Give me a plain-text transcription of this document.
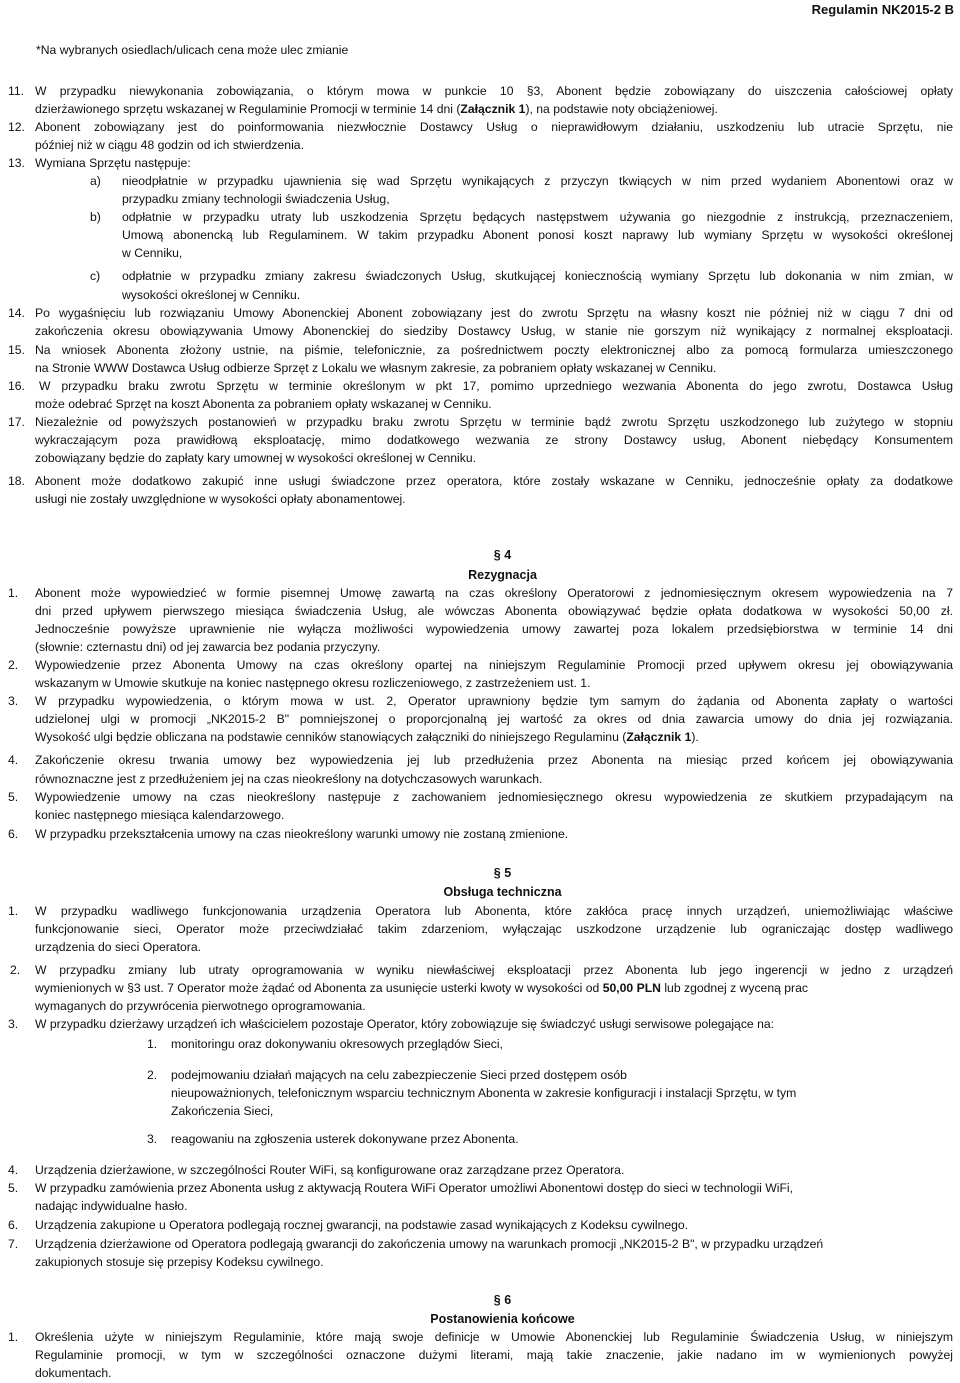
Regulamin NK2015-2 B
*Na wybranych osiedlach/ulicach cena może ulec zmianie
11. W przypadku niewykonania zobowiązania, o którym mowa w punkcie 10 §3, Abonent będzie zobowiązany do uiszczenia całościowej opłaty
dzierżawionego sprzętu wskazanej w Regulaminie Promocji w terminie 14 dni (Załącznik 1), na podstawie noty obciążeniowej.
12. Abonent zobowiązany jest do poinformowania niezwłocznie Dostawcy Usług o nieprawidłowym działaniu, uszkodzeniu lub utracie Sprzętu, nie
później niż w ciągu 48 godzin od ich stwierdzenia.
13. Wymiana Sprzętu następuje:
a) nieodpłatnie w przypadku ujawnienia się wad Sprzętu wynikających z przyczyn tkwiących w nim przed wydaniem Abonentowi oraz w
przypadku zmiany technologii świadczenia Usług,
b) odpłatnie w przypadku utraty lub uszkodzenia Sprzętu będących następstwem używania go niezgodnie z instrukcją, przeznaczeniem,
Umową abonencką lub Regulaminem. W takim przypadku Abonent ponosi koszt naprawy lub wymiany Sprzętu w wysokości określonej
w Cenniku,
c) odpłatnie w przypadku zmiany zakresu świadczonych Usług, skutkującej koniecznością wymiany Sprzętu lub dokonania w nim zmian, w
wysokości określonej w Cenniku.
14. Po wygaśnięciu lub rozwiązaniu Umowy Abonenckiej Abonent zobowiązany jest do zwrotu Sprzętu na własny koszt nie później niż w ciągu 7 dni od
zakończenia okresu obowiązywania Umowy Abonenckiej do siedziby Dostawcy Usług, w stanie nie gorszym niż wynikający z normalnej eksploatacji.
15. Na wniosek Abonenta złożony ustnie, na piśmie, telefonicznie, za pośrednictwem poczty elektronicznej albo za pomocą formularza umieszczonego
na Stronie WWW Dostawca Usług odbierze Sprzęt z Lokalu we własnym zakresie, za pobraniem opłaty wskazanej w Cenniku.
16. W przypadku braku zwrotu Sprzętu w terminie określonym w pkt 17, pomimo uprzedniego wezwania Abonenta do jego zwrotu, Dostawca Usług
może odebrać Sprzęt na koszt Abonenta za pobraniem opłaty wskazanej w Cenniku.
17. Niezależnie od powyższych postanowień w przypadku braku zwrotu Sprzętu w terminie bądź zwrotu Sprzętu uszkodzonego lub zużytego w stopniu
wykraczającym poza prawidłową eksploatację, mimo dodatkowego wezwania ze strony Dostawcy usług, Abonent niebędący Konsumentem
zobowiązany będzie do zapłaty kary umownej w wysokości określonej w Cenniku.
18. Abonent może dodatkowo zakupić inne usługi świadczone przez operatora, które zostały wskazane w Cenniku, jednocześnie opłaty za dodatkowe
usługi nie zostały uwzględnione w wysokości opłaty abonamentowej.
§ 4
Rezygnacja
1. Abonent może wypowiedzieć w formie pisemnej Umowę zawartą na czas określony Operatorowi z jednomiesięcznym okresem wypowiedzenia na 7
dni przed upływem pierwszego miesiąca świadczenia Usług, ale wówczas Abonenta obowiązywać będzie opłata dodatkowa w wysokości 50,00 zł.
Jednocześnie powyższe uprawnienie nie wyłącza możliwości wypowiedzenia umowy zawartej poza lokalem przedsiębiorstwa w terminie 14 dni
(słownie: czternastu dni) od jej zawarcia bez podania przyczyny.
2. Wypowiedzenie przez Abonenta Umowy na czas określony opartej na niniejszym Regulaminie Promocji przed upływem okresu jej obowiązywania
wskazanym w Umowie skutkuje na koniec następnego okresu rozliczeniowego, z zastrzeżeniem ust. 1.
3. W przypadku wypowiedzenia, o którym mowa w ust. 2, Operator uprawniony będzie tym samym do żądania od Abonenta zapłaty o wartości
udzielonej ulgi w promocji „NK2015-2 B" pomniejszonej o proporcjonalną jej wartość za okres od dnia zawarcia umowy do dnia jej rozwiązania.
Wysokość ulgi będzie obliczana na podstawie cenników stanowiących załączniki do niniejszego Regulaminu (Załącznik 1).
4. Zakończenie okresu trwania umowy bez wypowiedzenia jej lub przedłużenia przez Abonenta na miesiąc przed końcem jej obowiązywania
równoznaczne jest z przedłużeniem jej na czas nieokreślony na dotychczasowych warunkach.
5. Wypowiedzenie umowy na czas nieokreślony następuje z zachowaniem jednomiesięcznego okresu wypowiedzenia ze skutkiem przypadającym na
koniec następnego miesiąca kalendarzowego.
6. W przypadku przekształcenia umowy na czas nieokreślony warunki umowy nie zostaną zmienione.
§ 5
Obsługa techniczna
1. W przypadku wadliwego funkcjonowania urządzenia Operatora lub Abonenta, które zakłóca pracę innych urządzeń, uniemożliwiając właściwe
funkcjonowanie sieci, Operator może przeciwdziałać takim zdarzeniom, wyłączając uszkodzone urządzenie lub ograniczając dostęp wadliwego
urządzenia do sieci Operatora.
2. W przypadku zmiany lub utraty oprogramowania w wyniku niewłaściwej eksploatacji przez Abonenta lub jego ingerencji w jedno z urządzeń
wymienionych w §3 ust. 7 Operator może żądać od Abonenta za usunięcie usterki kwoty w wysokości od 50,00 PLN lub zgodnej z wyceną prac
wymaganych do przywrócenia pierwotnego oprogramowania.
3. W przypadku dzierżawy urządzeń ich właścicielem pozostaje Operator, który zobowiązuje się świadczyć usługi serwisowe polegające na:
1. monitoringu oraz dokonywaniu okresowych przeglądów Sieci,
2. podejmowaniu działań mających na celu zabezpieczenie Sieci przed dostępem osób
nieupoważnionych, telefonicznym wsparciu technicznym Abonenta w zakresie konfiguracji i instalacji Sprzętu, w tym
Zakończenia Sieci,
3. reagowaniu na zgłoszenia usterek dokonywane przez Abonenta.
4. Urządzenia dzierżawione, w szczególności Router WiFi, są konfigurowane oraz zarządzane przez Operatora.
5. W przypadku zamówienia przez Abonenta usług z aktywacją Routera WiFi Operator umożliwi Abonentowi dostęp do sieci w technologii WiFi,
nadając indywidualne hasło.
6. Urządzenia zakupione u Operatora podlegają rocznej gwarancji, na podstawie zasad wynikających z Kodeksu cywilnego.
7. Urządzenia dzierżawione od Operatora podlegają gwarancji do zakończenia umowy na warunkach promocji „NK2015-2 B", w przypadku urządzeń
zakupionych stosuje się przepisy Kodeksu cywilnego.
§ 6
Postanowienia końcowe
1. Określenia użyte w niniejszym Regulaminie, które mają swoje definicje w Umowie Abonenckiej lub Regulaminie Świadczenia Usług, w niniejszym
Regulaminie promocji, w tym w szczególności oznaczone dużymi literami, mają takie znaczenie, jakie nadano im w wymienionych powyżej
dokumentach.
